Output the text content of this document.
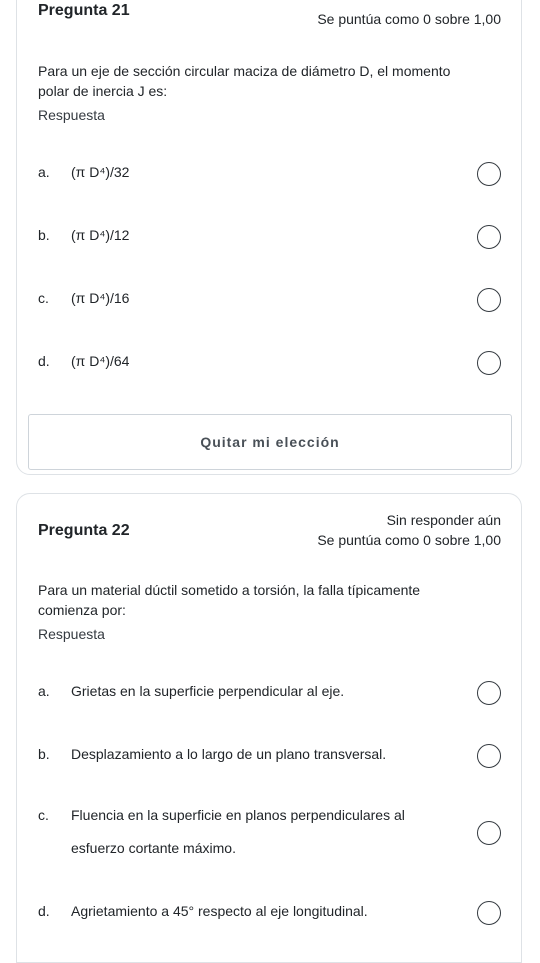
Pregunta 21	Se puntúa como 0 sobre 1,00
Para un eje de sección circular maciza de diámetro D, el momento polar de inercia J es:
Respuesta
a. (π D⁴)/32
b. (π D⁴)/12
c. (π D⁴)/16
d. (π D⁴)/64
Quitar mi elección
Sin responder aún
Pregunta 22
Se puntúa como 0 sobre 1,00
Para un material dúctil sometido a torsión, la falla típicamente comienza por:
Respuesta
a. Grietas en la superficie perpendicular al eje.
b. Desplazamiento a lo largo de un plano transversal.
c. Fluencia en la superficie en planos perpendiculares al esfuerzo cortante máximo.
d. Agrietamiento a 45° respecto al eje longitudinal.
